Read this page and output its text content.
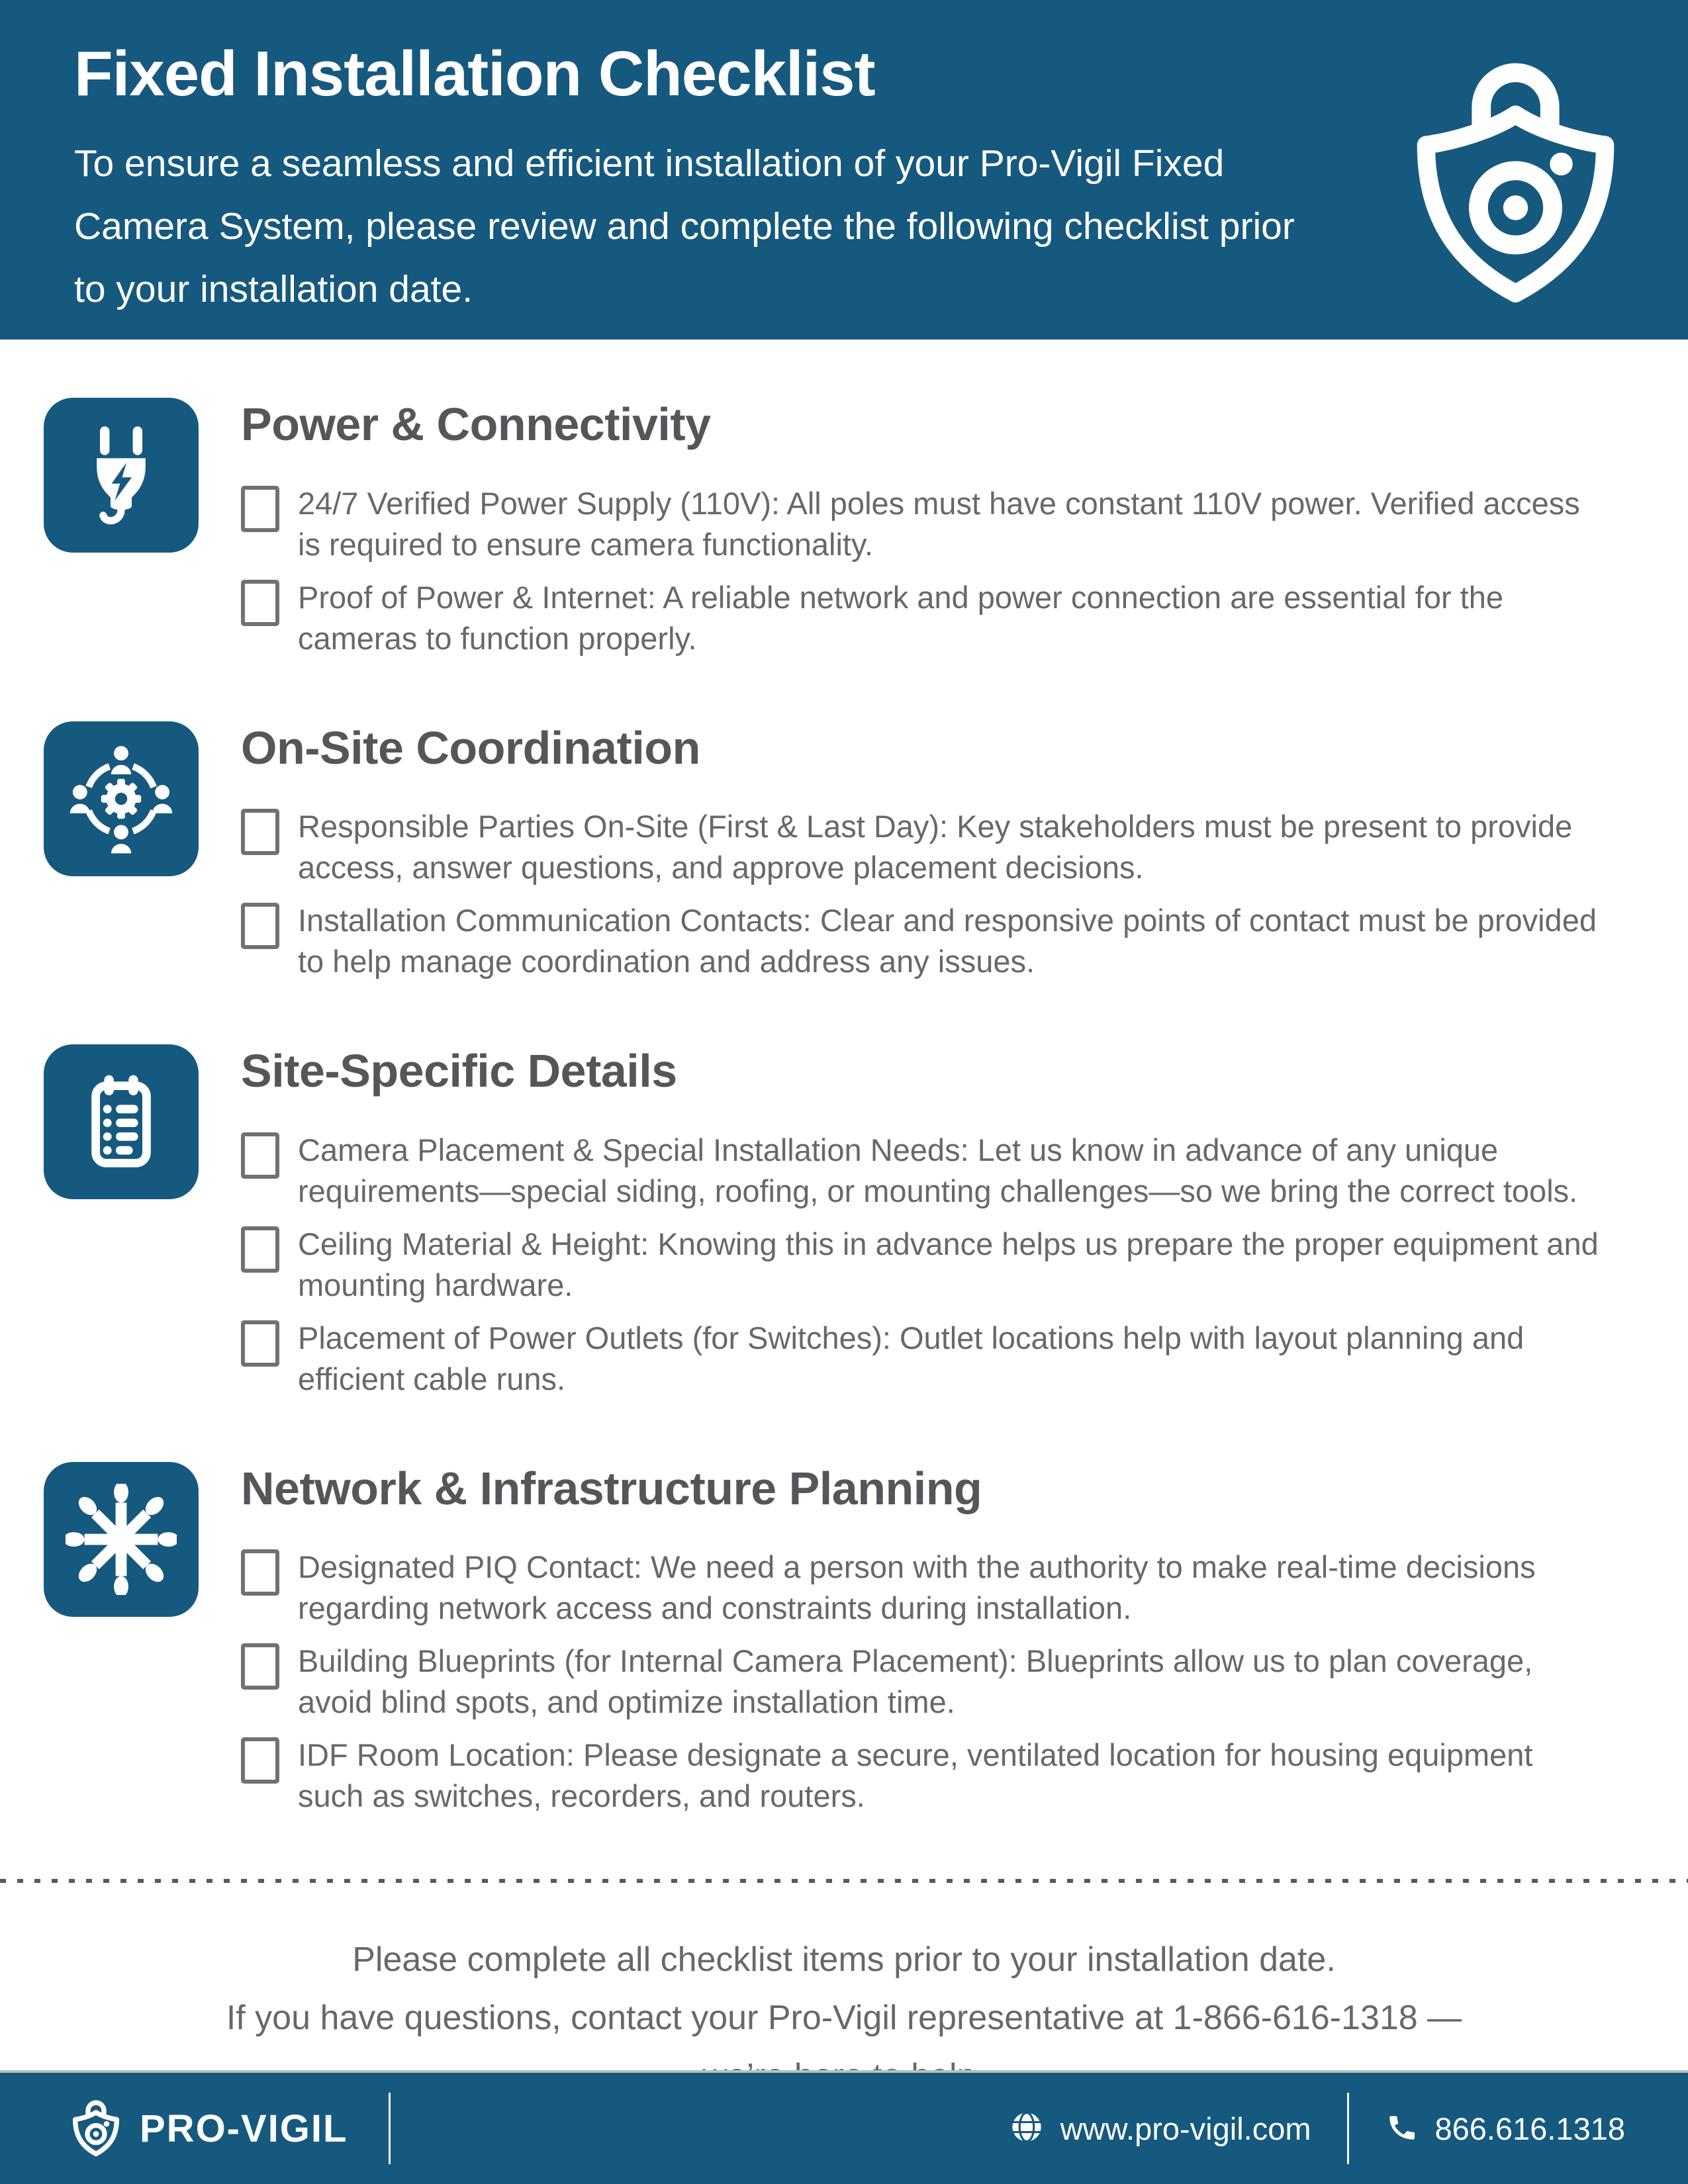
Fixed Installation Checklist

To ensure a seamless and efficient installation of your Pro-Vigil Fixed Camera System, please review and complete the following checklist prior to your installation date.

Power & Connectivity

24/7 Verified Power Supply (110V): All poles must have constant 110V power. Verified access is required to ensure camera functionality.

Proof of Power & Internet: A reliable network and power connection are essential for the cameras to function properly.

On-Site Coordination

Responsible Parties On-Site (First & Last Day): Key stakeholders must be present to provide access, answer questions, and approve placement decisions.

Installation Communication Contacts: Clear and responsive points of contact must be provided to help manage coordination and address any issues.

Site-Specific Details

Camera Placement & Special Installation Needs: Let us know in advance of any unique requirements—special siding, roofing, or mounting challenges—so we bring the correct tools.

Ceiling Material & Height: Knowing this in advance helps us prepare the proper equipment and mounting hardware.

Placement of Power Outlets (for Switches): Outlet locations help with layout planning and efficient cable runs.

Network & Infrastructure Planning

Designated PIQ Contact: We need a person with the authority to make real-time decisions regarding network access and constraints during installation.

Building Blueprints (for Internal Camera Placement): Blueprints allow us to plan coverage, avoid blind spots, and optimize installation time.

IDF Room Location: Please designate a secure, ventilated location for housing equipment such as switches, recorders, and routers.

Please complete all checklist items prior to your installation date.
If you have questions, contact your Pro-Vigil representative at 1-866-616-1318 —
PRO-VIGIL	www.pro-vigil.com	866.616.1318
